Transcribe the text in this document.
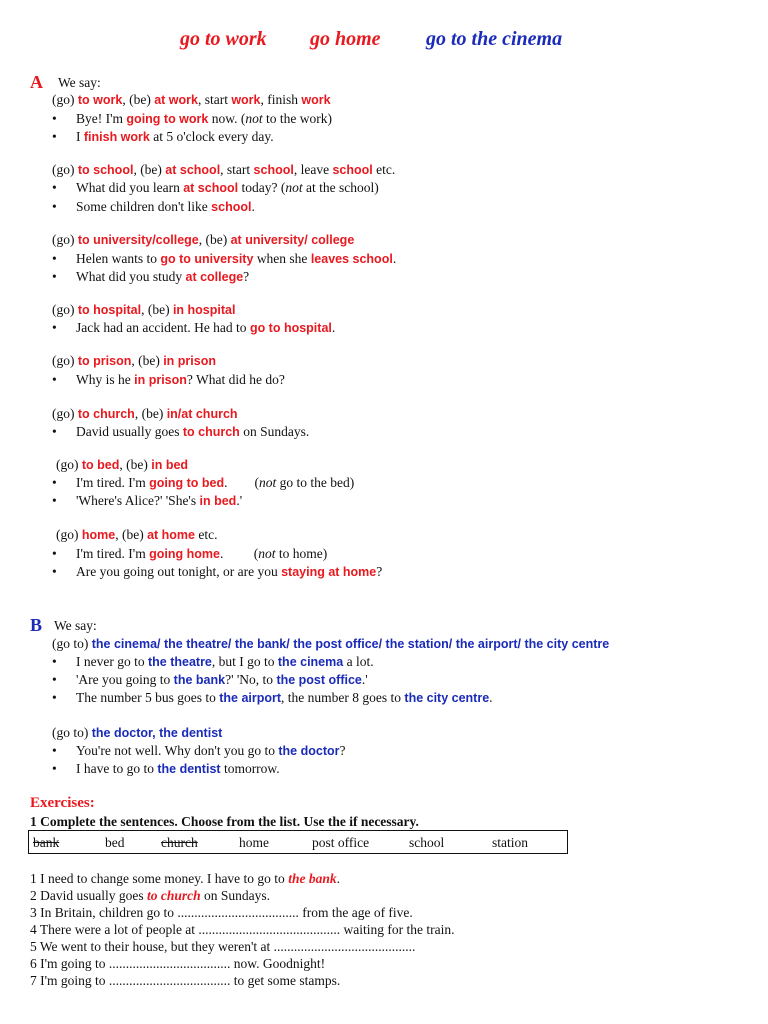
go to work go home go to the cinema
A We say:
(go) to work, (be) at work, start work, finish work
Bye! I'm going to work now. (not to the work)
I finish work at 5 o'clock every day.
(go) to school, (be) at school, start school, leave school etc.
What did you learn at school today? (not at the school)
Some children don't like school.
(go) to university/college, (be) at university/ college
Helen wants to go to university when she leaves school.
What did you study at college?
(go) to hospital, (be) in hospital
Jack had an accident. He had to go to hospital.
(go) to prison, (be) in prison
Why is he in prison? What did he do?
(go) to church, (be) in/at church
David usually goes to church on Sundays.
(go) to bed, (be) in bed
I'm tired. I'm going to bed.        (not go to the bed)
'Where's Alice?' 'She's in bed.'
(go) home, (be) at home etc.
I'm tired. I'm going home.         (not to home)
Are you going out tonight, or are you staying at home?
B We say:
(go to) the cinema/ the theatre/ the bank/ the post office/ the station/ the airport/ the city centre
I never go to the theatre, but I go to the cinema a lot.
'Are you going to the bank?' 'No, to the post office.'
The number 5 bus goes to the airport, the number 8 goes to the city centre.
(go to) the doctor, the dentist
You're not well. Why don't you go to the doctor?
I have to go to the dentist tomorrow.
Exercises:
1 Complete the sentences. Choose from the list. Use the if necessary.
bank	bed	church	home	post office	school	station
1 I need to change some money. I have to go to the bank.
2 David usually goes to church on Sundays.
3 In Britain, children go to .................................... from the age of five.
4 There were a lot of people at .......................................... waiting for the train.
5 We went to their house, but they weren't at ..........................................
6 I'm going to .................................... now. Goodnight!
7 I'm going to .................................... to get some stamps.
